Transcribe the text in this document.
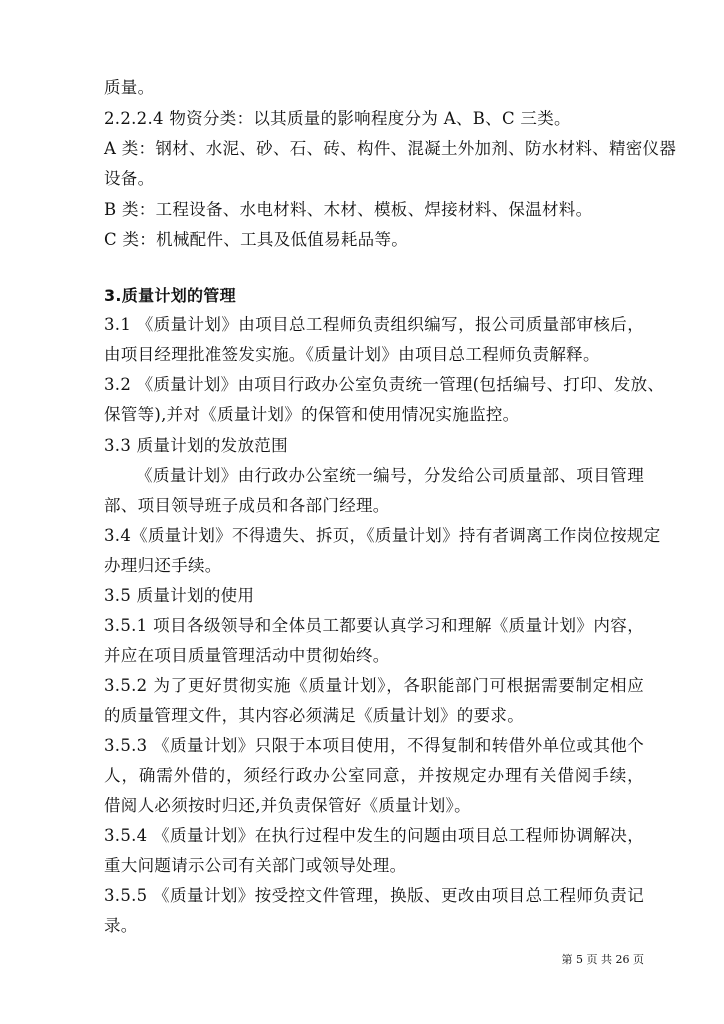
质量。
2.2.2.4 物资分类：以其质量的影响程度分为 A、B、C 三类。
A 类：钢材、水泥、砂、石、砖、构件、混凝土外加剂、防水材料、精密仪器
设备。
B 类：工程设备、水电材料、木材、模板、焊接材料、保温材料。
C 类：机械配件、工具及低值易耗品等。
3.质量计划的管理
3.1 《质量计划》由项目总工程师负责组织编写，报公司质量部审核后，
由项目经理批准签发实施。《质量计划》由项目总工程师负责解释。
3.2 《质量计划》由项目行政办公室负责统一管理(包括编号、打印、发放、
保管等),并对《质量计划》的保管和使用情况实施监控。
3.3 质量计划的发放范围
《质量计划》由行政办公室统一编号，分发给公司质量部、项目管理
部、项目领导班子成员和各部门经理。
3.4《质量计划》不得遗失、拆页，《质量计划》持有者调离工作岗位按规定
办理归还手续。
3.5 质量计划的使用
3.5.1 项目各级领导和全体员工都要认真学习和理解《质量计划》内容，
并应在项目质量管理活动中贯彻始终。
3.5.2 为了更好贯彻实施《质量计划》，各职能部门可根据需要制定相应
的质量管理文件，其内容必须满足《质量计划》的要求。
3.5.3 《质量计划》只限于本项目使用，不得复制和转借外单位或其他个
人，确需外借的，须经行政办公室同意，并按规定办理有关借阅手续，
借阅人必须按时归还,并负责保管好《质量计划》。
3.5.4 《质量计划》在执行过程中发生的问题由项目总工程师协调解决，
重大问题请示公司有关部门或领导处理。
3.5.5 《质量计划》按受控文件管理，换版、更改由项目总工程师负责记
录。
第 5 页 共 26 页
